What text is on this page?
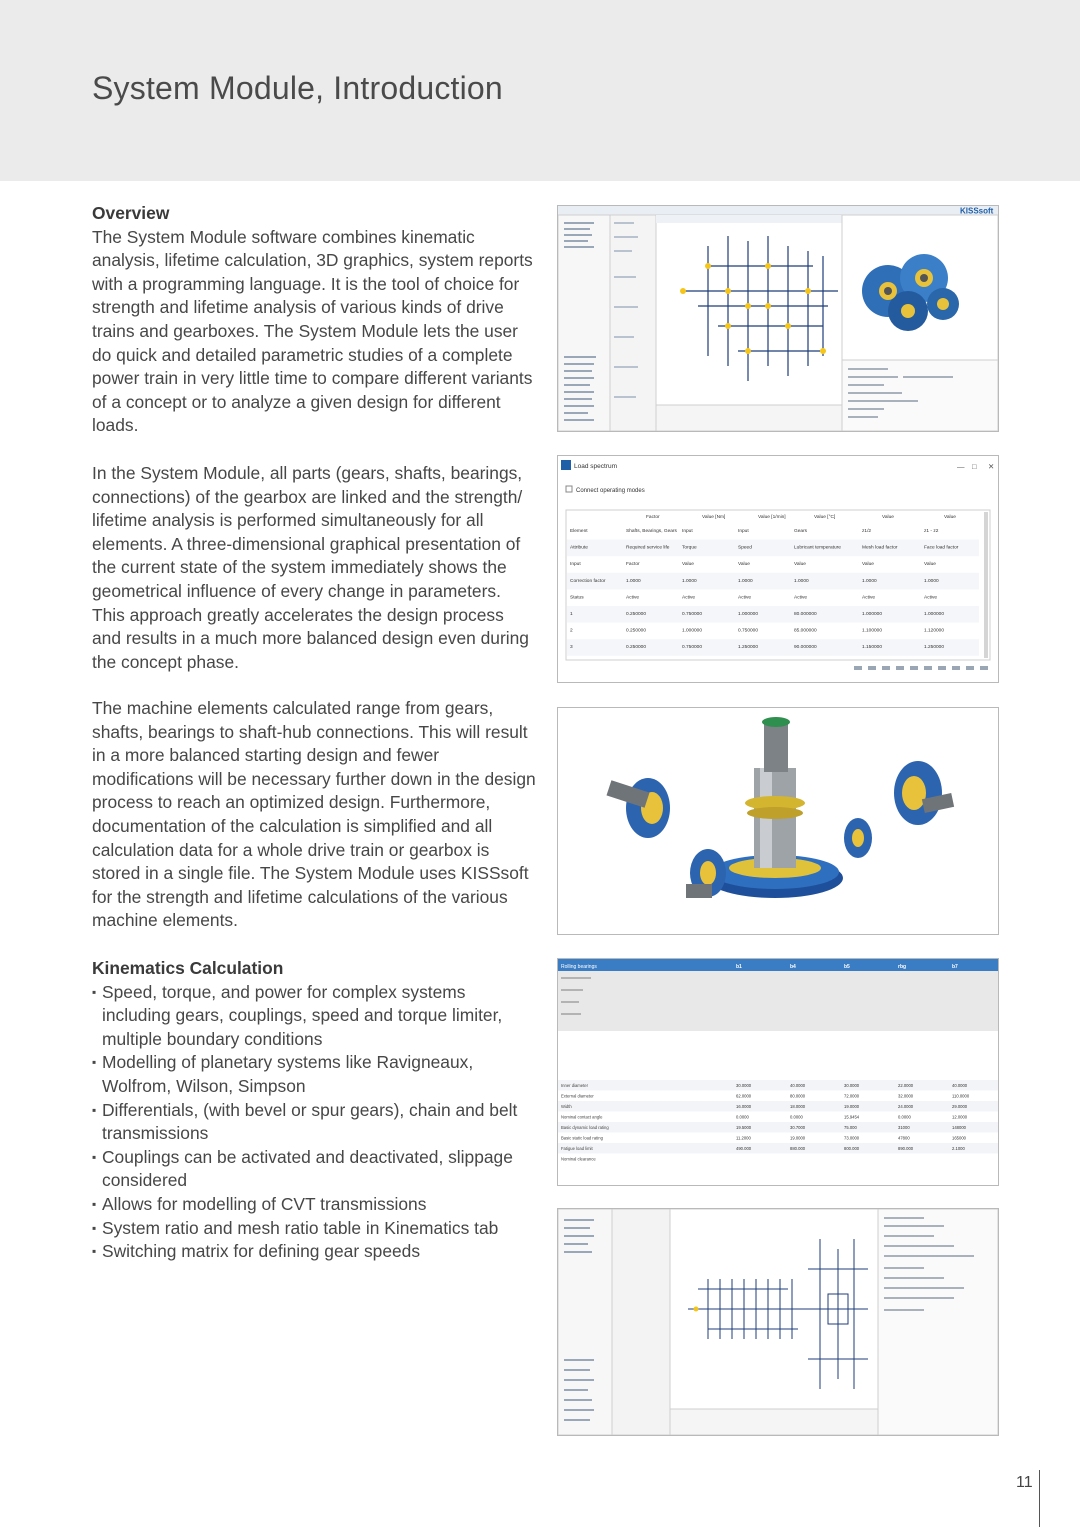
System Module, Introduction

Overview

The System Module software combines kinematic analysis, lifetime calculation, 3D graphics, system reports with a programming language. It is the tool of choice for strength and lifetime analysis of various kinds of drive trains and gearboxes. The System Module lets the user do quick and detailed parametric studies of a complete power train in very little time to compare different variants of a concept or to analyze a given design for different loads.

In the System Module, all parts (gears, shafts, bearings, connections) of the gearbox are linked and the strength/ lifetime analysis is performed simultaneously for all elements. A three-dimensional graphical presentation of the current state of the system immediately shows the geometrical influence of every change in parameters. This approach greatly accelerates the design process and results in a much more balanced design even during the concept phase.

The machine elements calculated range from gears, shafts, bearings to shaft-hub connections. This will result in a more balanced starting design and fewer modifications will be necessary further down in the design process to reach an optimized design. Furthermore, documentation of the calculation is simplified and all calculation data for a whole drive train or gearbox is stored in a single file. The System Module uses KISSsoft for the strength and lifetime calculations of the various machine elements.

Kinematics Calculation

▪ Speed, torque, and power for complex systems including gears, couplings, speed and torque limiter, multiple boundary conditions
▪ Modelling of planetary systems like Ravigneaux, Wolfrom, Wilson, Simpson
▪ Differentials, (with bevel or spur gears), chain and belt transmissions
▪ Couplings can be activated and deactivated, slippage considered
▪ Allows for modelling of CVT transmissions
▪ System ratio and mesh ratio table in Kinematics tab
▪ Switching matrix for defining gear speeds
KISSsoft
Load spectrum	— □ ✕
Connect operating modes
Factor	Value [Nm]	Value [1/min]	Value [°C]	Value	Value
Element	Shafts, Bearings, Gears Input	Input	Gears	z1/2	z1 - z2
Attribute	Required service life	Torque	Speed	Lubricant temperature	Mesh load factor	Face load factor
Input	Factor	Value	Value	Value	Value	Value
Correction factor	1.0000	1.0000	1.0000	1.0000	1.0000	1.0000
Status	Active	Active	Active	Active	Active	Active
1	0.250000	0.750000	1.000000	80.000000	1.000000	1.000000
2	0.250000	1.000000	0.750000	85.000000	1.100000	1.120000
3	0.250000	0.750000	1.250000	90.000000	1.150000	1.250000
Rolling bearings	b1	b4	b5	rbg	b7
Inner diameter	30.0000	40.0000	30.0000	22.0000	40.0000
External diameter	62.0000	80.0000	72.0000	32.0000	110.0000
Width	16.0000	18.0000	19.0000	24.0000	29.0000
Nominal contact angle	0.0000	0.0000	15.9454	0.0000	12.0000
Basic dynamic load rating	19.5000	30.7000	75.000	31000	148000
Basic static load rating	11.2000	19.0000	73.0000	47800	165000
Fatigue load limit	490.000	880.000	800.000	890.000	2.1000
Nominal clearance
11
